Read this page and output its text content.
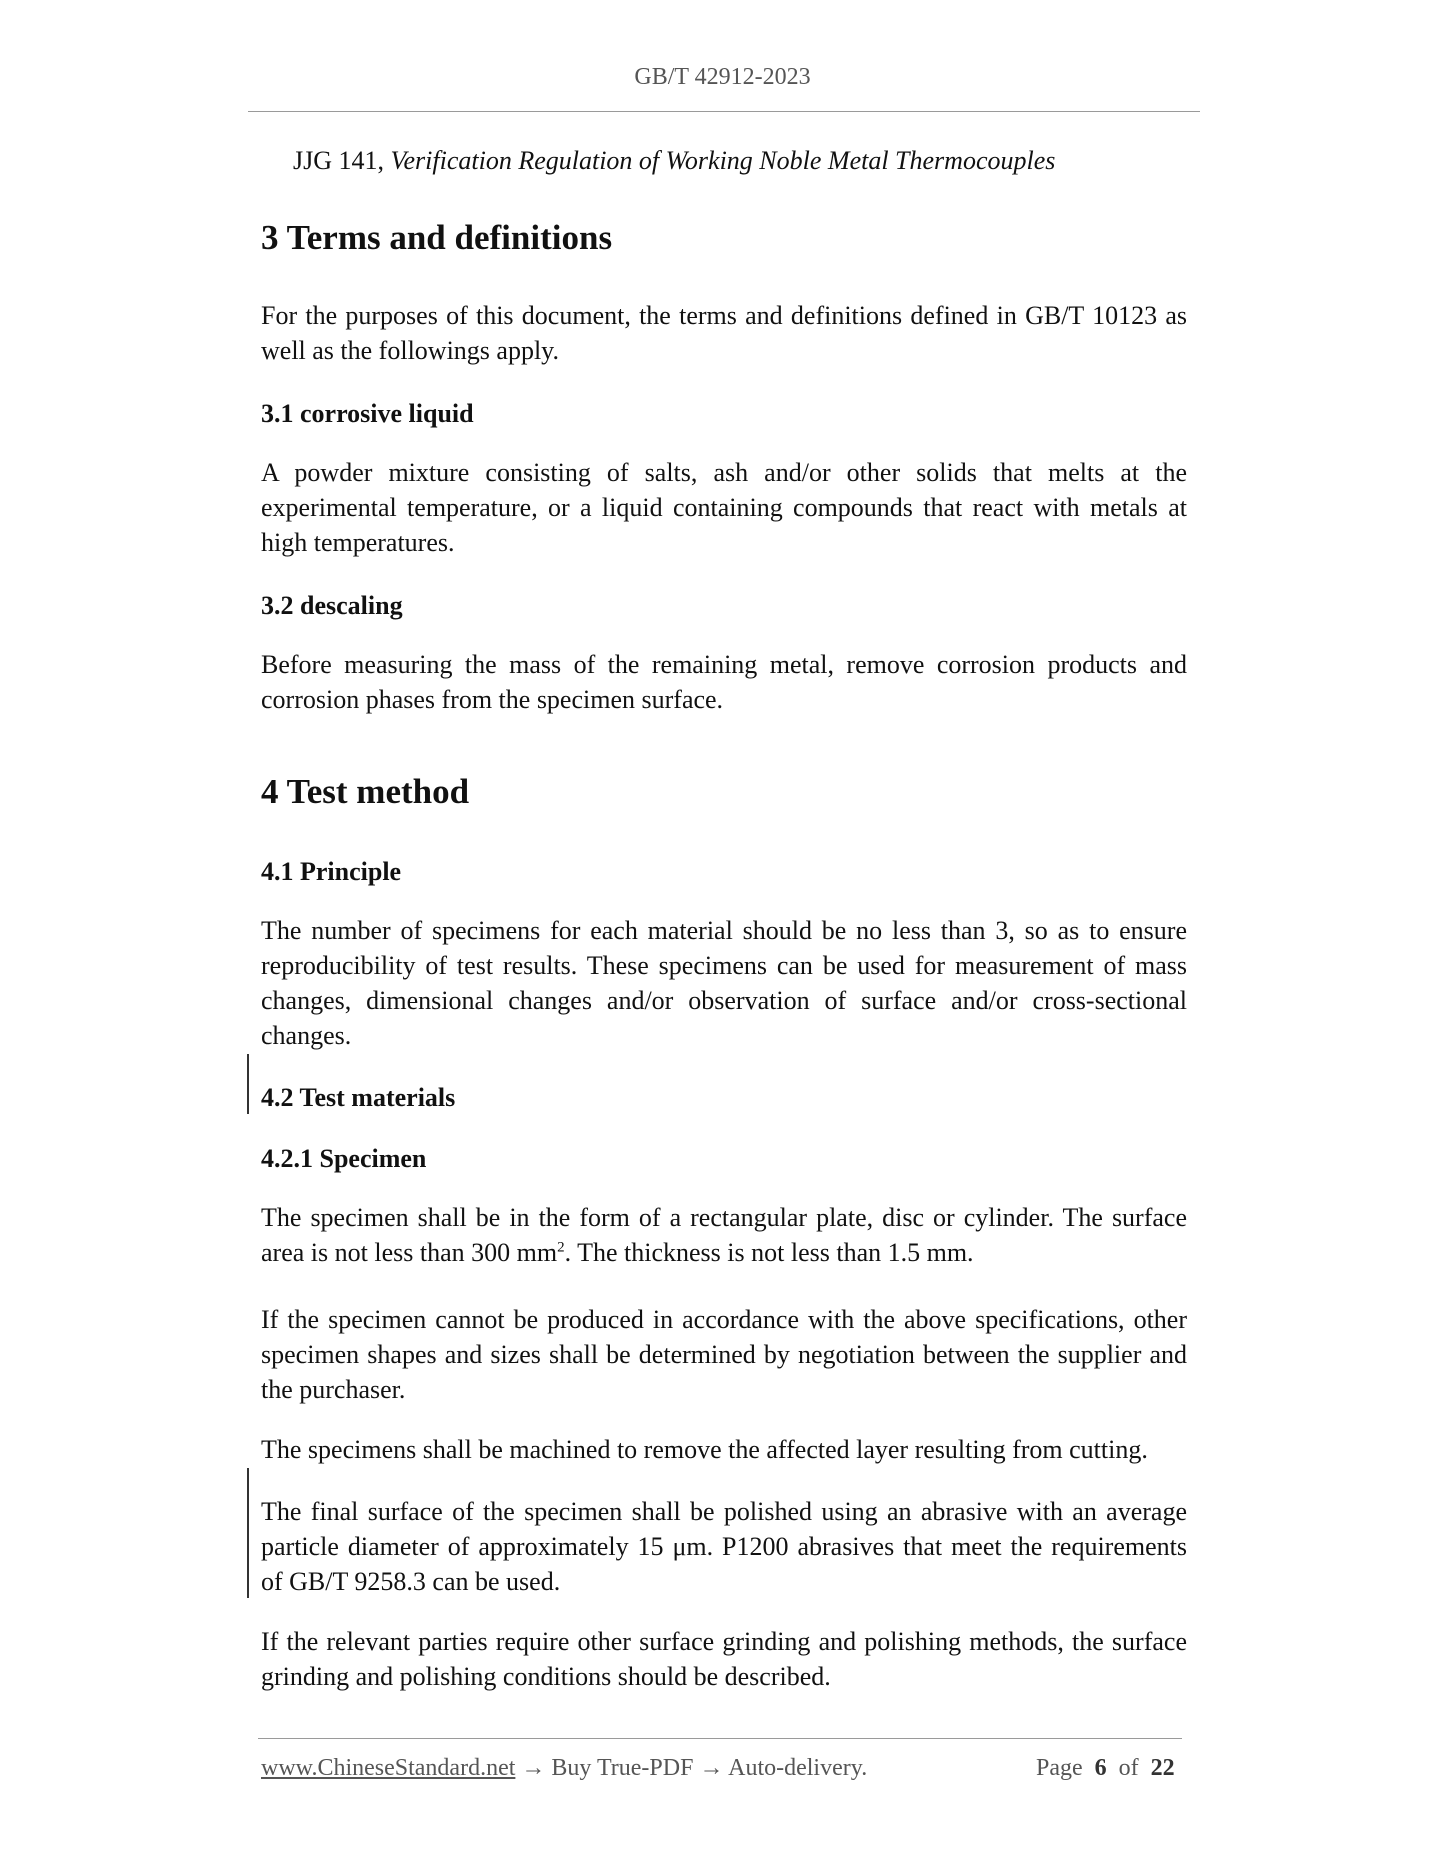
GB/T 42912-2023
JJG 141, Verification Regulation of Working Noble Metal Thermocouples
3 Terms and definitions

For the purposes of this document, the terms and definitions defined in GB/T 10123 as well as the followings apply.

3.1 corrosive liquid

A powder mixture consisting of salts, ash and/or other solids that melts at the experimental temperature, or a liquid containing compounds that react with metals at high temperatures.

3.2 descaling

Before measuring the mass of the remaining metal, remove corrosion products and corrosion phases from the specimen surface.

4 Test method
4.1 Principle

The number of specimens for each material should be no less than 3, so as to ensure reproducibility of test results. These specimens can be used for measurement of mass changes, dimensional changes and/or observation of surface and/or cross-sectional changes.

4.2 Test materials
4.2.1 Specimen

The specimen shall be in the form of a rectangular plate, disc or cylinder. The surface area is not less than 300 $mm^2$. The thickness is not less than 1.5 mm.

If the specimen cannot be produced in accordance with the above specifications, other specimen shapes and sizes shall be determined by negotiation between the supplier and the purchaser.

The specimens shall be machined to remove the affected layer resulting from cutting.

The final surface of the specimen shall be polished using an abrasive with an average particle diameter of approximately 15 μm. P1200 abrasives that meet the requirements of GB/T 9258.3 can be used.

If the relevant parties require other surface grinding and polishing methods, the surface grinding and polishing conditions should be described.

www.ChineseStandard.net → Buy True-PDF → Auto-delivery.	Page 6 of 22
